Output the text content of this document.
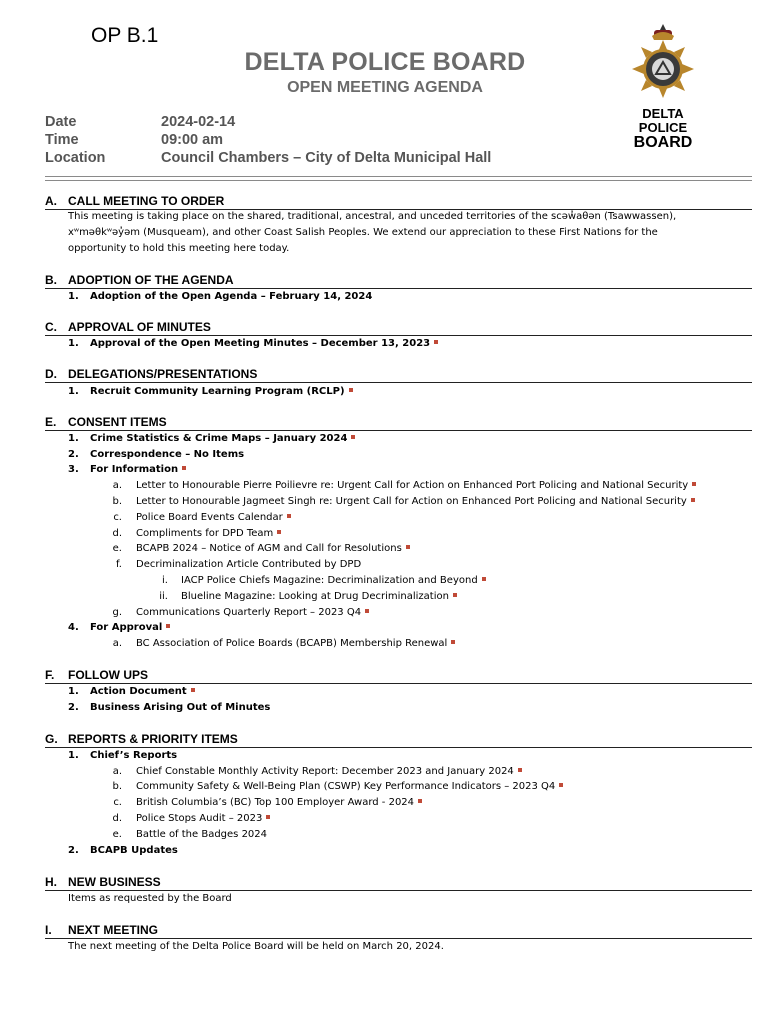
OP B.1
DELTA POLICE BOARD
OPEN MEETING AGENDA
Date	2024-02-14
Time	09:00 am
Location	Council Chambers – City of Delta Municipal Hall
DELTA
POLICE
BOARD
A. CALL MEETING TO ORDER
This meeting is taking place on the shared, traditional, ancestral, and unceded territories of the scəw̓aθən (Tsawwassen),
xʷməθkʷəy̓əm (Musqueam), and other Coast Salish Peoples. We extend our appreciation to these First Nations for the
opportunity to hold this meeting here today.
B. ADOPTION OF THE AGENDA
1. Adoption of the Open Agenda – February 14, 2024
C. APPROVAL OF MINUTES
1. Approval of the Open Meeting Minutes – December 13, 2023
D. DELEGATIONS/PRESENTATIONS
1. Recruit Community Learning Program (RCLP)
E. CONSENT ITEMS
1. Crime Statistics & Crime Maps – January 2024
2. Correspondence – No Items
3. For Information
a. Letter to Honourable Pierre Poilievre re: Urgent Call for Action on Enhanced Port Policing and National Security
b. Letter to Honourable Jagmeet Singh re: Urgent Call for Action on Enhanced Port Policing and National Security
c. Police Board Events Calendar
d. Compliments for DPD Team
e. BCAPB 2024 – Notice of AGM and Call for Resolutions
f. Decriminalization Article Contributed by DPD
i. IACP Police Chiefs Magazine: Decriminalization and Beyond
ii. Blueline Magazine: Looking at Drug Decriminalization
g. Communications Quarterly Report – 2023 Q4
4. For Approval
a. BC Association of Police Boards (BCAPB) Membership Renewal
F. FOLLOW UPS
1. Action Document
2. Business Arising Out of Minutes
G. REPORTS & PRIORITY ITEMS
1. Chief’s Reports
a. Chief Constable Monthly Activity Report: December 2023 and January 2024
b. Community Safety & Well-Being Plan (CSWP) Key Performance Indicators – 2023 Q4
c. British Columbia’s (BC) Top 100 Employer Award - 2024
d. Police Stops Audit – 2023
e. Battle of the Badges 2024
2. BCAPB Updates
H. NEW BUSINESS
Items as requested by the Board
I. NEXT MEETING
The next meeting of the Delta Police Board will be held on March 20, 2024.
